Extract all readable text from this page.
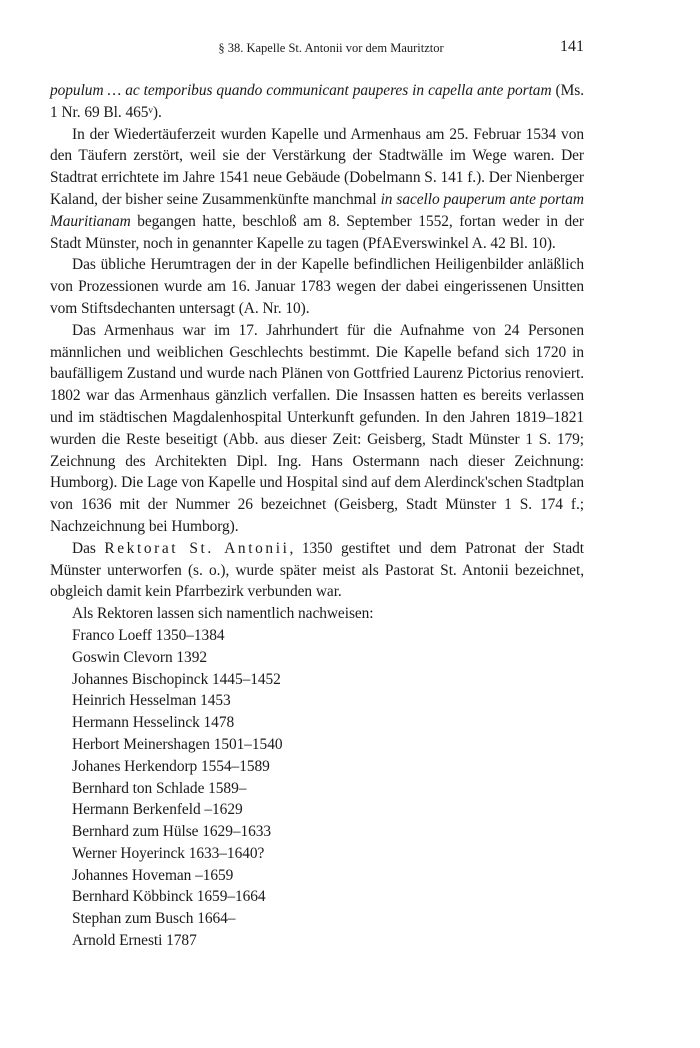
§ 38. Kapelle St. Antonii vor dem Mauritztor	141

populum … ac temporibus quando communicant pauperes in capella ante portam (Ms. 1 Nr. 69 Bl. 465ᵛ).

In der Wiedertäuferzeit wurden Kapelle und Armenhaus am 25. Februar 1534 von den Täufern zerstört, weil sie der Verstärkung der Stadtwälle im Wege waren. Der Stadtrat errichtete im Jahre 1541 neue Gebäude (Dobelmann S. 141 f.). Der Nienberger Kaland, der bisher seine Zusammenkünfte manchmal in sacello pauperum ante portam Mauritianam begangen hatte, beschloß am 8. September 1552, fortan weder in der Stadt Münster, noch in genannter Kapelle zu tagen (PfAEverswinkel A. 42 Bl. 10).

Das übliche Herumtragen der in der Kapelle befindlichen Heiligenbilder anläßlich von Prozessionen wurde am 16. Januar 1783 wegen der dabei eingerissenen Unsitten vom Stiftsdechanten untersagt (A. Nr. 10).

Das Armenhaus war im 17. Jahrhundert für die Aufnahme von 24 Personen männlichen und weiblichen Geschlechts bestimmt. Die Kapelle befand sich 1720 in baufälligem Zustand und wurde nach Plänen von Gottfried Laurenz Pictorius renoviert. 1802 war das Armenhaus gänzlich verfallen. Die Insassen hatten es bereits verlassen und im städtischen Magdalenhospital Unterkunft gefunden. In den Jahren 1819–1821 wurden die Reste beseitigt (Abb. aus dieser Zeit: Geisberg, Stadt Münster 1 S. 179; Zeichnung des Architekten Dipl. Ing. Hans Ostermann nach dieser Zeichnung: Humborg). Die Lage von Kapelle und Hospital sind auf dem Alerdinck'schen Stadtplan von 1636 mit der Nummer 26 bezeichnet (Geisberg, Stadt Münster 1 S. 174 f.; Nachzeichnung bei Humborg).

Das Rektorat St. Antonii, 1350 gestiftet und dem Patronat der Stadt Münster unterworfen (s. o.), wurde später meist als Pastorat St. Antonii bezeichnet, obgleich damit kein Pfarrbezirk verbunden war.

Als Rektoren lassen sich namentlich nachweisen:

Franco Loeff 1350–1384
Goswin Clevorn 1392
Johannes Bischopinck 1445–1452
Heinrich Hesselman 1453
Hermann Hesselinck 1478
Herbort Meinershagen 1501–1540
Johanes Herkendorp 1554–1589
Bernhard ton Schlade 1589–
Hermann Berkenfeld –1629
Bernhard zum Hülse 1629–1633
Werner Hoyerinck 1633–1640?
Johannes Hoveman –1659
Bernhard Köbbinck 1659–1664
Stephan zum Busch 1664–
Arnold Ernesti 1787
